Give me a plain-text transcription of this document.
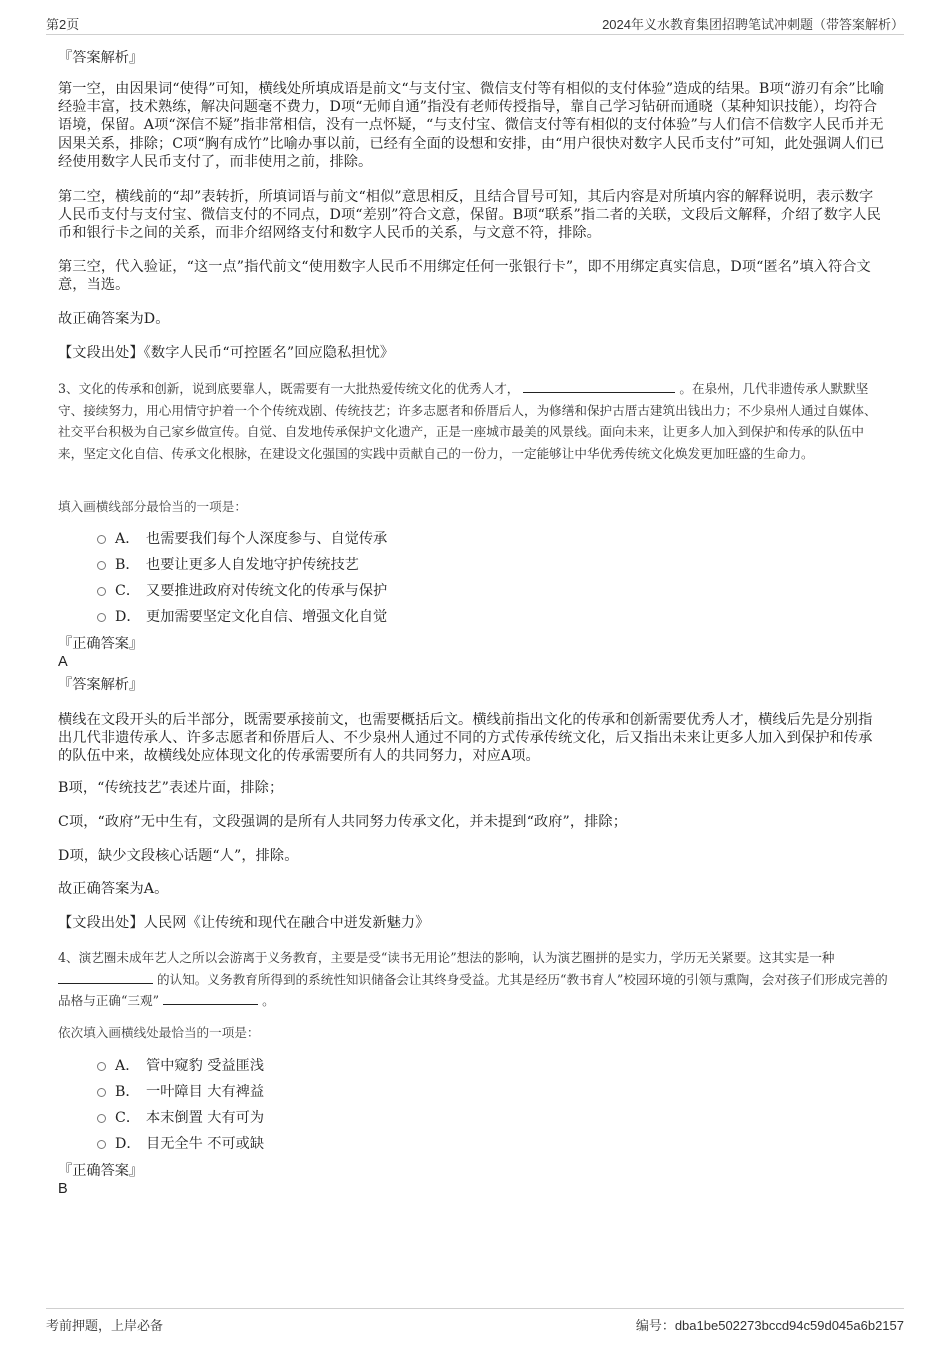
第2页	2024年义水教育集团招聘笔试冲刺题（带答案解析）
『答案解析』

第一空，由因果词“使得”可知，横线处所填成语是前文“与支付宝、微信支付等有相似的支付体验”造成的结果。B项“游刃有余”比喻经验丰富，技术熟练，解决问题毫不费力，D项“无师自通”指没有老师传授指导，靠自己学习钻研而通晓（某种知识技能），均符合语境，保留。A项“深信不疑”指非常相信，没有一点怀疑，“与支付宝、微信支付等有相似的支付体验”与人们信不信数字人民币并无因果关系，排除；C项“胸有成竹”比喻办事以前，已经有全面的设想和安排，由“用户很快对数字人民币支付”可知，此处强调人们已经使用数字人民币支付了，而非使用之前，排除。

第二空，横线前的“却”表转折，所填词语与前文“相似”意思相反，且结合冒号可知，其后内容是对所填内容的解释说明，表示数字人民币支付与支付宝、微信支付的不同点，D项“差别”符合文意，保留。B项“联系”指二者的关联，文段后文解释，介绍了数字人民币和银行卡之间的关系，而非介绍网络支付和数字人民币的关系，与文意不符，排除。

第三空，代入验证，“这一点”指代前文“使用数字人民币不用绑定任何一张银行卡”，即不用绑定真实信息，D项“匿名”填入符合文意，当选。

故正确答案为D。

【文段出处】《数字人民币“可控匿名”回应隐私担忧》

3、文化的传承和创新，说到底要靠人，既需要有一大批热爱传统文化的优秀人才，	。在泉州，几代非遗传承人默默坚守、接续努力，用心用情守护着一个个传统戏剧、传统技艺；许多志愿者和侨厝后人，为修缮和保护古厝古建筑出钱出力；不少泉州人通过自媒体、社交平台积极为自己家乡做宣传。自觉、自发地传承保护文化遗产，正是一座城市最美的风景线。面向未来，让更多人加入到保护和传承的队伍中来，坚定文化自信、传承文化根脉，在建设文化强国的实践中贡献自己的一份力，一定能够让中华优秀传统文化焕发更加旺盛的生命力。

填入画横线部分最恰当的一项是：
A． 也需要我们每个人深度参与、自觉传承
B． 也要让更多人自发地守护传统技艺
C． 又要推进政府对传统文化的传承与保护
D． 更加需要坚定文化自信、增强文化自觉
『正确答案』
A
『答案解析』

横线在文段开头的后半部分，既需要承接前文，也需要概括后文。横线前指出文化的传承和创新需要优秀人才，横线后先是分别指出几代非遗传承人、许多志愿者和侨厝后人、不少泉州人通过不同的方式传承传统文化，后又指出未来让更多人加入到保护和传承的队伍中来，故横线处应体现文化的传承需要所有人的共同努力，对应A项。

B项，“传统技艺”表述片面，排除；

C项，“政府”无中生有，文段强调的是所有人共同努力传承文化，并未提到“政府”，排除；

D项，缺少文段核心话题“人”，排除。

故正确答案为A。

【文段出处】人民网《让传统和现代在融合中迸发新魅力》

4、演艺圈未成年艺人之所以会游离于义务教育，主要是受“读书无用论”想法的影响，认为演艺圈拼的是实力，学历无关紧要。这其实是一种  的认知。义务教育所得到的系统性知识储备会让其终身受益。尤其是经历“教书育人”校园环境的引领与熏陶，会对孩子们形成完善的品格与正确“三观”	。

依次填入画横线处最恰当的一项是：
A． 管中窥豹 受益匪浅
B． 一叶障目 大有裨益
C． 本末倒置 大有可为
D． 目无全牛 不可或缺
『正确答案』
B
考前押题，上岸必备	编号：dba1be502273bccd94c59d045a6b2157
